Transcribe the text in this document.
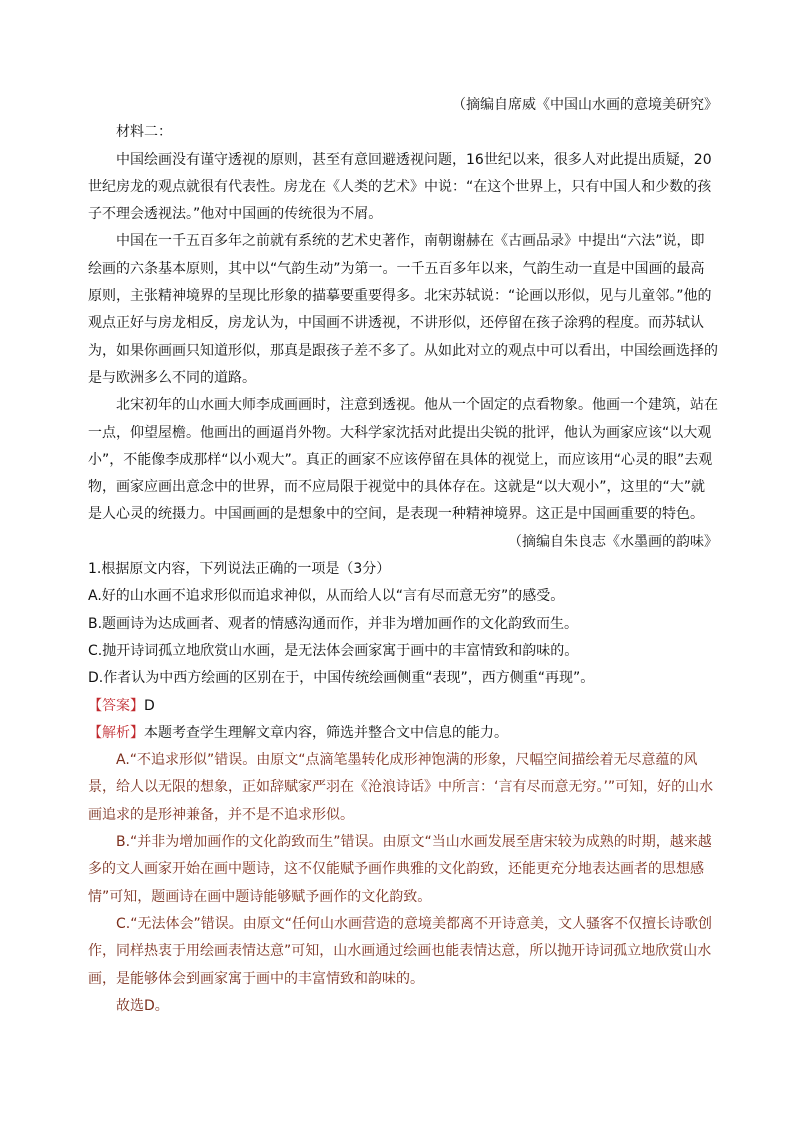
（摘编自席威《中国山水画的意境美研究》

材料二：

中国绘画没有谨守透视的原则，甚至有意回避透视问题，16世纪以来，很多人对此提出质疑，20世纪房龙的观点就很有代表性。房龙在《人类的艺术》中说：“在这个世界上，只有中国人和少数的孩子不理会透视法。”他对中国画的传统很为不屑。

中国在一千五百多年之前就有系统的艺术史著作，南朝谢赫在《古画品录》中提出“六法”说，即绘画的六条基本原则，其中以“气韵生动”为第一。一千五百多年以来，气韵生动一直是中国画的最高原则，主张精神境界的呈现比形象的描摹要重要得多。北宋苏轼说：“论画以形似，见与儿童邻。”他的观点正好与房龙相反，房龙认为，中国画不讲透视，不讲形似，还停留在孩子涂鸦的程度。而苏轼认为，如果你画画只知道形似，那真是跟孩子差不多了。从如此对立的观点中可以看出，中国绘画选择的是与欧洲多么不同的道路。

北宋初年的山水画大师李成画画时，注意到透视。他从一个固定的点看物象。他画一个建筑，站在一点，仰望屋檐。他画出的画逼肖外物。大科学家沈括对此提出尖锐的批评，他认为画家应该“以大观小”，不能像李成那样“以小观大”。真正的画家不应该停留在具体的视觉上，而应该用“心灵的眼”去观物，画家应画出意念中的世界，而不应局限于视觉中的具体存在。这就是“以大观小”，这里的“大”就是人心灵的统摄力。中国画画的是想象中的空间，是表现一种精神境界。这正是中国画重要的特色。

（摘编自朱良志《水墨画的韵味》

1.根据原文内容，下列说法正确的一项是（3分）

A.好的山水画不追求形似而追求神似，从而给人以“言有尽而意无穷”的感受。

B.题画诗为达成画者、观者的情感沟通而作，并非为增加画作的文化韵致而生。

C.抛开诗词孤立地欣赏山水画，是无法体会画家寓于画中的丰富情致和韵味的。

D.作者认为中西方绘画的区别在于，中国传统绘画侧重“表现”，西方侧重“再现”。

【答案】D

【解析】本题考查学生理解文章内容，筛选并整合文中信息的能力。

A.“不追求形似”错误。由原文“点滴笔墨转化成形神饱满的形象，尺幅空间描绘着无尽意蕴的风景，给人以无限的想象，正如辞赋家严羽在《沧浪诗话》中所言：‘言有尽而意无穷。’”可知，好的山水画追求的是形神兼备，并不是不追求形似。

B.“并非为增加画作的文化韵致而生”错误。由原文“当山水画发展至唐宋较为成熟的时期，越来越多的文人画家开始在画中题诗，这不仅能赋予画作典雅的文化韵致，还能更充分地表达画者的思想感情”可知，题画诗在画中题诗能够赋予画作的文化韵致。

C.“无法体会”错误。由原文“任何山水画营造的意境美都离不开诗意美，文人骚客不仅擅长诗歌创作，同样热衷于用绘画表情达意”可知，山水画通过绘画也能表情达意，所以抛开诗词孤立地欣赏山水画，是能够体会到画家寓于画中的丰富情致和韵味的。

故选D。
